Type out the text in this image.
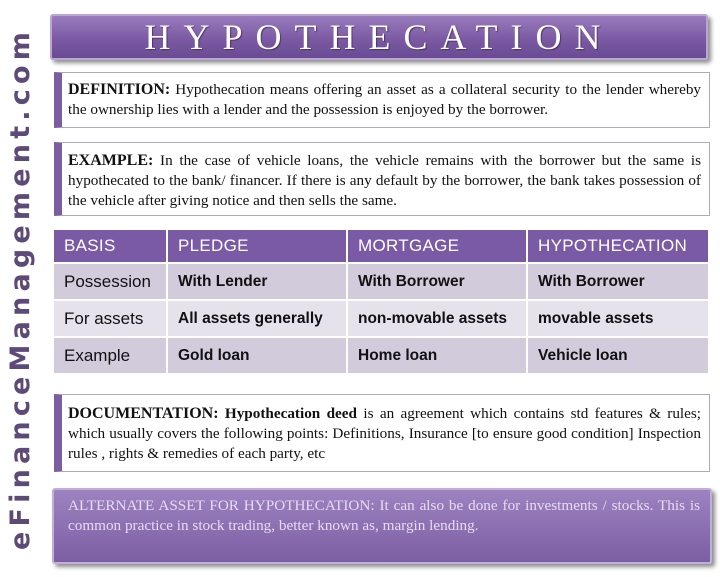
eFinanceManagement.com	HYPOTHECATION
DEFINITION: Hypothecation means offering an asset as a collateral security to the lender whereby the ownership lies with a lender and the possession is enjoyed by the borrower.
EXAMPLE: In the case of vehicle loans, the vehicle remains with the borrower but the same is hypothecated to the bank/ financer. If there is any default by the borrower, the bank takes possession of the vehicle after giving notice and then sells the same.
BASIS	PLEDGE	MORTGAGE	HYPOTHECATION
Possession	With Lender	With Borrower	With Borrower
For assets	All assets generally	non-movable assets	movable assets
Example	Gold loan	Home loan	Vehicle loan
DOCUMENTATION: Hypothecation deed is an agreement which contains std features & rules; which usually covers the following points: Definitions, Insurance [to ensure good condition] Inspection rules , rights & remedies of each party, etc
ALTERNATE ASSET FOR HYPOTHECATION: It can also be done for investments / stocks. This is common practice in stock trading, better known as, margin lending.
